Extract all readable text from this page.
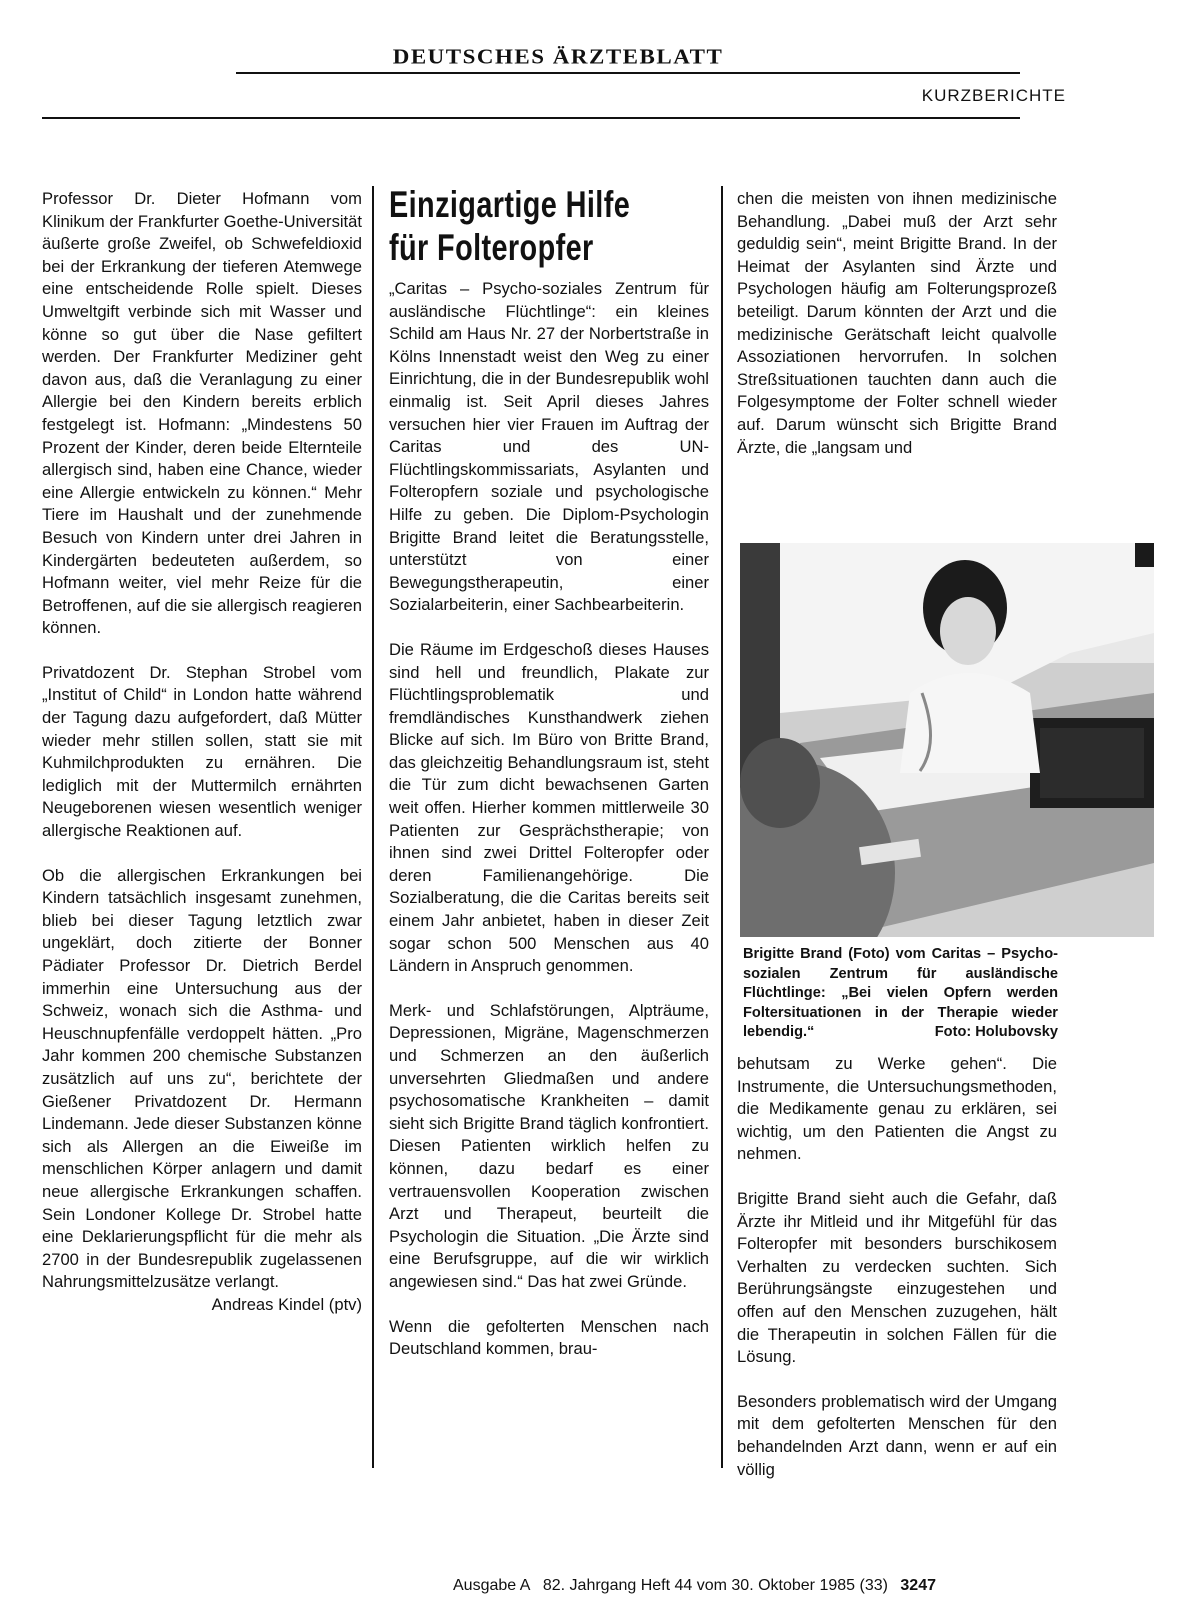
DEUTSCHES ÄRZTEBLATT
KURZBERICHTE

Professor Dr. Dieter Hofmann vom Klinikum der Frankfurter Goethe-Universität äußerte große Zweifel, ob Schwefeldioxid bei der Erkrankung der tieferen Atemwege eine entscheidende Rolle spielt. Dieses Umweltgift verbinde sich mit Wasser und könne so gut über die Nase gefiltert werden. Der Frankfurter Mediziner geht davon aus, daß die Veranlagung zu einer Allergie bei den Kindern bereits erblich festgelegt ist. Hofmann: „Mindestens 50 Prozent der Kinder, deren beide Elternteile allergisch sind, haben eine Chance, wieder eine Allergie entwickeln zu können.“ Mehr Tiere im Haushalt und der zunehmende Besuch von Kindern unter drei Jahren in Kindergärten bedeuteten außerdem, so Hofmann weiter, viel mehr Reize für die Betroffenen, auf die sie allergisch reagieren können.

Privatdozent Dr. Stephan Strobel vom „Institut of Child“ in London hatte während der Tagung dazu aufgefordert, daß Mütter wieder mehr stillen sollen, statt sie mit Kuhmilchprodukten zu ernähren. Die lediglich mit der Muttermilch ernährten Neugeborenen wiesen wesentlich weniger allergische Reaktionen auf.

Ob die allergischen Erkrankungen bei Kindern tatsächlich insgesamt zunehmen, blieb bei dieser Tagung letztlich zwar ungeklärt, doch zitierte der Bonner Pädiater Professor Dr. Dietrich Berdel immerhin eine Untersuchung aus der Schweiz, wonach sich die Asthma- und Heuschnupfenfälle verdoppelt hätten. „Pro Jahr kommen 200 chemische Substanzen zusätzlich auf uns zu“, berichtete der Gießener Privatdozent Dr. Hermann Lindemann. Jede dieser Substanzen könne sich als Allergen an die Eiweiße im menschlichen Körper anlagern und damit neue allergische Erkrankungen schaffen. Sein Londoner Kollege Dr. Strobel hatte eine Deklarierungspflicht für die mehr als 2700 in der Bundesrepublik zugelassenen Nahrungsmittelzusätze verlangt.

Andreas Kindel (ptv)
Einzigartige Hilfe
für Folteropfer

„Caritas – Psycho-soziales Zentrum für ausländische Flüchtlinge“: ein kleines Schild am Haus Nr. 27 der Norbertstraße in Kölns Innenstadt weist den Weg zu einer Einrichtung, die in der Bundesrepublik wohl einmalig ist. Seit April dieses Jahres versuchen hier vier Frauen im Auftrag der Caritas und des UN-Flüchtlingskommissariats, Asylanten und Folteropfern soziale und psychologische Hilfe zu geben. Die Diplom-Psychologin Brigitte Brand leitet die Beratungsstelle, unterstützt von einer Bewegungstherapeutin, einer Sozialarbeiterin, einer Sachbearbeiterin.

Die Räume im Erdgeschoß dieses Hauses sind hell und freundlich, Plakate zur Flüchtlingsproblematik und fremdländisches Kunsthandwerk ziehen Blicke auf sich. Im Büro von Britte Brand, das gleichzeitig Behandlungsraum ist, steht die Tür zum dicht bewachsenen Garten weit offen. Hierher kommen mittlerweile 30 Patienten zur Gesprächstherapie; von ihnen sind zwei Drittel Folteropfer oder deren Familienangehörige. Die Sozialberatung, die die Caritas bereits seit einem Jahr anbietet, haben in dieser Zeit sogar schon 500 Menschen aus 40 Ländern in Anspruch genommen.

Merk- und Schlafstörungen, Alpträume, Depressionen, Migräne, Magenschmerzen und Schmerzen an den äußerlich unversehrten Gliedmaßen und andere psychosomatische Krankheiten – damit sieht sich Brigitte Brand täglich konfrontiert. Diesen Patienten wirklich helfen zu können, dazu bedarf es einer vertrauensvollen Kooperation zwischen Arzt und Therapeut, beurteilt die Psychologin die Situation. „Die Ärzte sind eine Berufsgruppe, auf die wir wirklich angewiesen sind.“ Das hat zwei Gründe.

Wenn die gefolterten Menschen nach Deutschland kommen, brau-

chen die meisten von ihnen medizinische Behandlung. „Dabei muß der Arzt sehr geduldig sein“, meint Brigitte Brand. In der Heimat der Asylanten sind Ärzte und Psychologen häufig am Folterungsprozeß beteiligt. Darum könnten der Arzt und die medizinische Gerätschaft leicht qualvolle Assoziationen hervorrufen. In solchen Streßsituationen tauchten dann auch die Folgesymptome der Folter schnell wieder auf. Darum wünscht sich Brigitte Brand Ärzte, die „langsam und

Brigitte Brand (Foto) vom Caritas – Psycho-sozialen Zentrum für ausländische Flüchtlinge: „Bei vielen Opfern werden Foltersituationen in der Therapie wieder lebendig.“	Foto: Holubovsky

behutsam zu Werke gehen“. Die Instrumente, die Untersuchungsmethoden, die Medikamente genau zu erklären, sei wichtig, um den Patienten die Angst zu nehmen.

Brigitte Brand sieht auch die Gefahr, daß Ärzte ihr Mitleid und ihr Mitgefühl für das Folteropfer mit besonders burschikosem Verhalten zu verdecken suchten. Sich Berührungsängste einzugestehen und offen auf den Menschen zuzugehen, hält die Therapeutin in solchen Fällen für die Lösung.

Besonders problematisch wird der Umgang mit dem gefolterten Menschen für den behandelnden Arzt dann, wenn er auf ein völlig

Ausgabe A   82. Jahrgang Heft 44 vom 30. Oktober 1985 (33) 3247
